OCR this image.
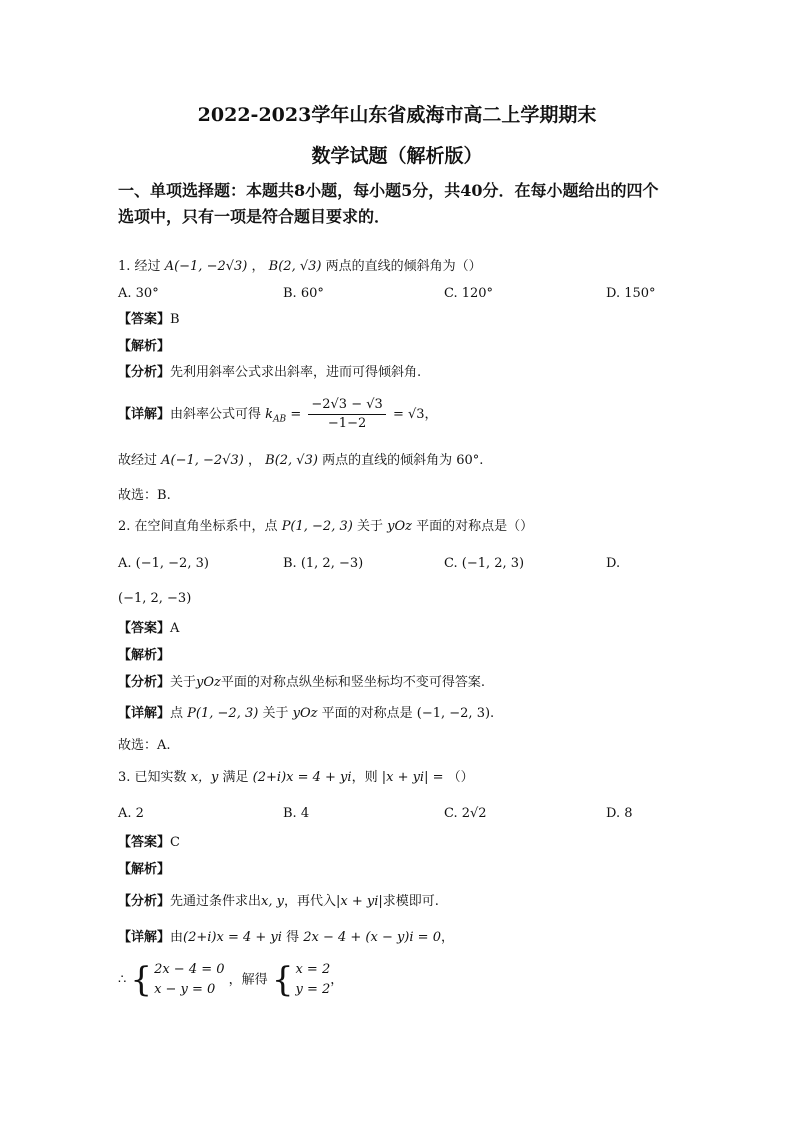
2022-2023学年山东省威海市高二上学期期末
数学试题（解析版）
一、单项选择题：本题共8小题，每小题5分，共40分．在每小题给出的四个
选项中，只有一项是符合题目要求的．
1. 经过 A(−1, −2√3) ， B(2, √3) 两点的直线的倾斜角为（）
A. 30°	B. 60°	C. 120°	D. 150°
【答案】B
【解析】
【分析】先利用斜率公式求出斜率，进而可得倾斜角.
【详解】由斜率公式可得 $k_{AB} = \frac{-2√3 - √3}{-1-2} = √3$，
故经过 A(−1, −2√3) ， B(2, √3) 两点的直线的倾斜角为 60°.
故选：B.
2. 在空间直角坐标系中，点 P(1, −2, 3) 关于 yOz 平面的对称点是（）
A. (−1, −2, 3)	B. (1, 2, −3)	C. (−1, 2, 3)	D.
(−1, 2, −3)
【答案】A
【解析】
【分析】关于yOz平面的对称点纵坐标和竖坐标均不变可得答案.
【详解】点 P(1, −2, 3) 关于 yOz 平面的对称点是 (−1, −2, 3).
故选：A.
3. 已知实数 x，y 满足 (2+i)x = 4 + yi，则 |x + yi| = （）
A. 2	B. 4	C. 2√2	D. 8
【答案】C
【解析】
【分析】先通过条件求出x, y，再代入|x + yi|求模即可.
【详解】由(2+i)x = 4 + yi 得 2x − 4 + (x − y)i = 0，
∴ { 2x − 4 = 0
x − y = 0
，解得 { x = 2
y = 2
，
